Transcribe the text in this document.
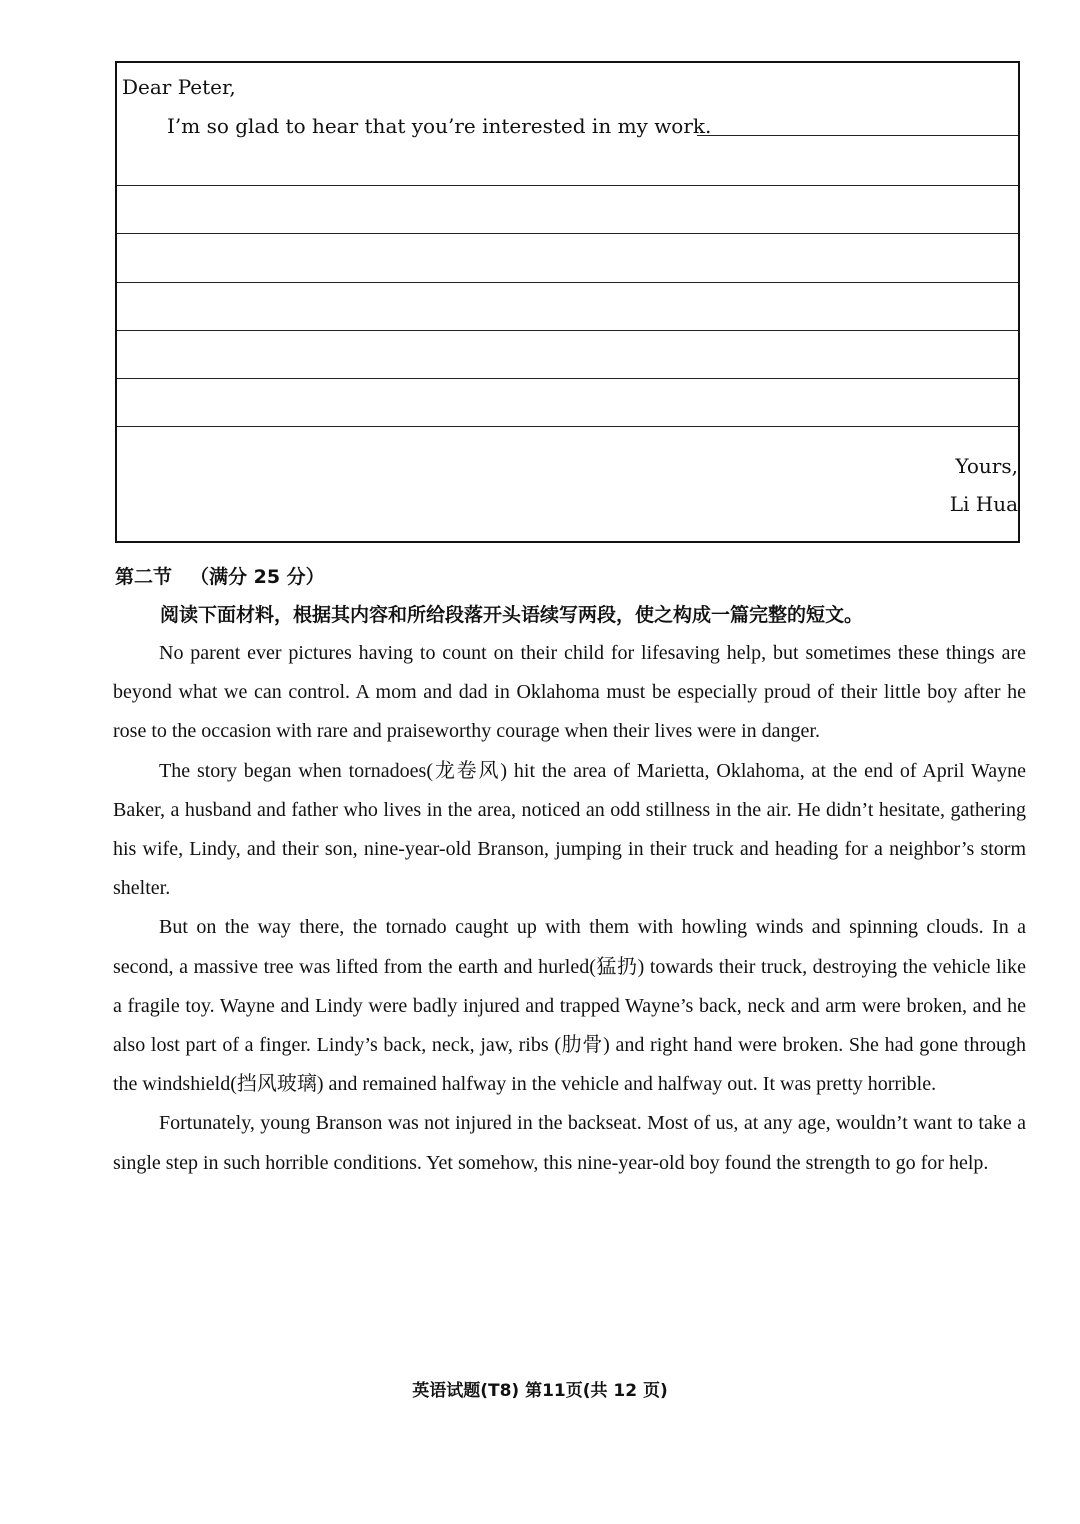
Dear Peter,
I’m so glad to hear that you’re interested in my work.
Yours,
Li Hua
第二节 （满分 25 分）
阅读下面材料，根据其内容和所给段落开头语续写两段，使之构成一篇完整的短文。

No parent ever pictures having to count on their child for lifesaving help, but sometimes these things are beyond what we can control. A mom and dad in Oklahoma must be especially proud of their little boy after he rose to the occasion with rare and praiseworthy courage when their lives were in danger.

The story began when tornadoes(龙卷风) hit the area of Marietta, Oklahoma, at the end of April Wayne Baker, a husband and father who lives in the area, noticed an odd stillness in the air. He didn’t hesitate, gathering his wife, Lindy, and their son, nine-year-old Branson, jumping in their truck and heading for a neighbor’s storm shelter.

But on the way there, the tornado caught up with them with howling winds and spinning clouds. In a second, a massive tree was lifted from the earth and hurled(猛扔) towards their truck, destroying the vehicle like a fragile toy. Wayne and Lindy were badly injured and trapped Wayne’s back, neck and arm were broken, and he also lost part of a finger. Lindy’s back, neck, jaw, ribs (肋骨) and right hand were broken. She had gone through the windshield(挡风玻璃) and remained halfway in the vehicle and halfway out. It was pretty horrible.

Fortunately, young Branson was not injured in the backseat. Most of us, at any age, wouldn’t want to take a single step in such horrible conditions. Yet somehow, this nine-year-old boy found the strength to go for help.

英语试题(T8) 第11页(共 12 页)
